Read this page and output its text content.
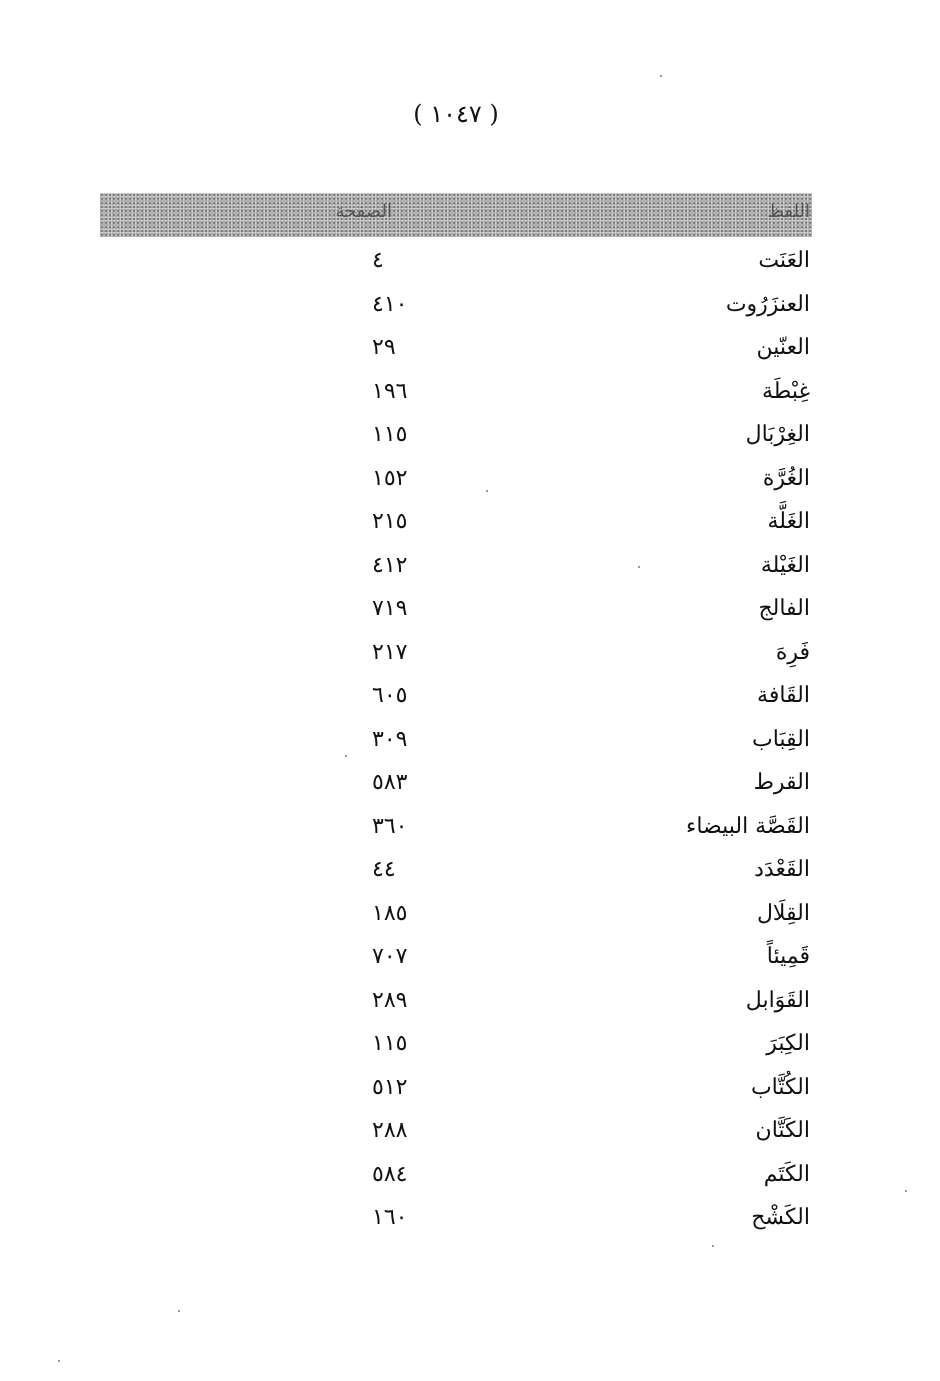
( ١٠٤٧ )
اللفظ
الصفحة
العَنَت
٤
العنزَرُوت
٤١٠
العنّين
٢٩
غِبْطَة
١٩٦
الغِرْبَال
١١٥
الغُرَّة
١٥٢
الغَلَّة
٢١٥
الغَيْلة
٤١٢
الفالج
٧١٩
فَرِهَ
٢١٧
القَافة
٦٠٥
القِبَاب
٣٠٩
القرط
٥٨٣
القَصَّة البيضاء
٣٦٠
القَعْدَد
٤٤
القِلَال
١٨٥
قَمِيئاً
٧٠٧
القَوَابل
٢٨٩
الكِبَرَ
١١٥
الكُتَّاب
٥١٢
الكَتَّان
٢٨٨
الكَتَم
٥٨٤
الكَشْح
١٦٠
